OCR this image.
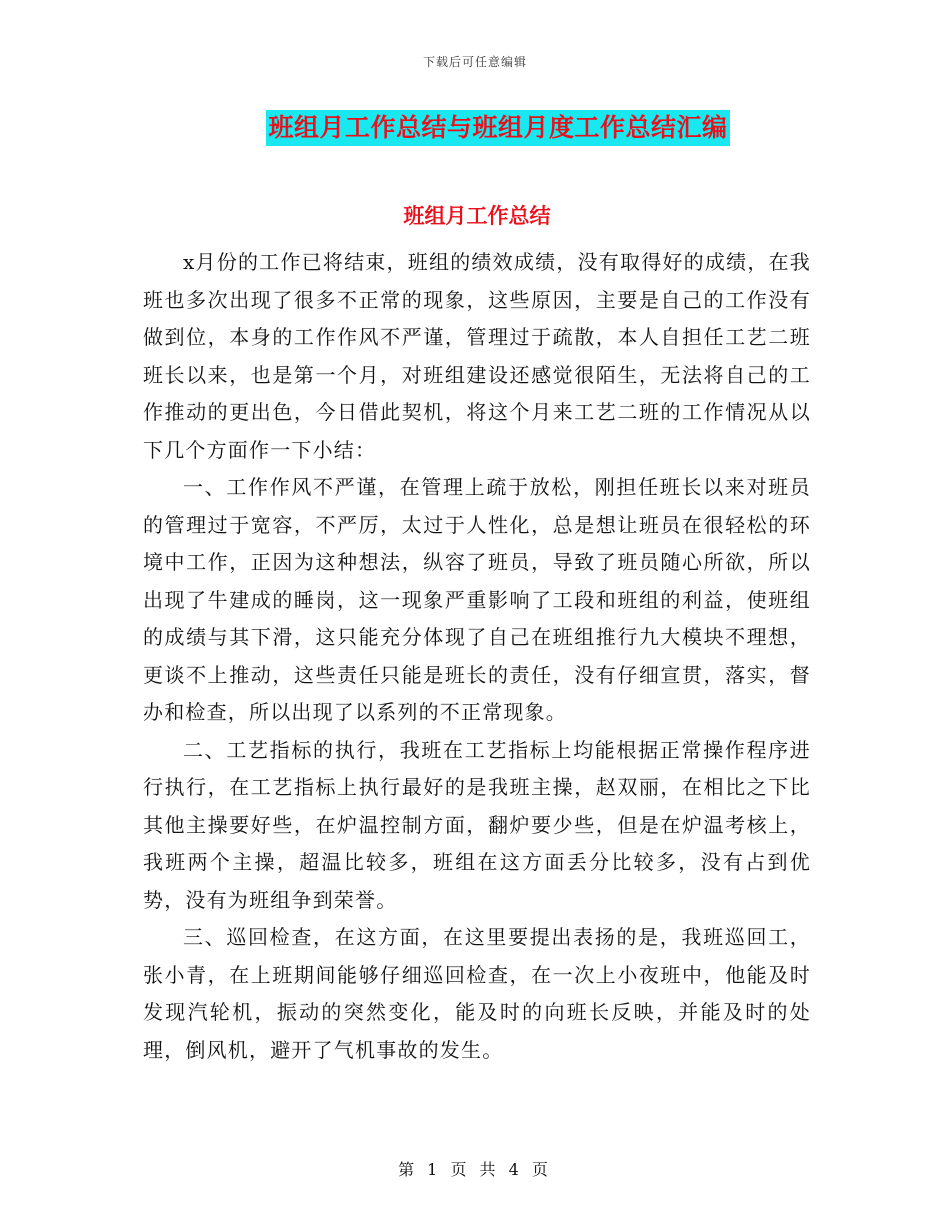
下载后可任意编辑
班组月工作总结与班组月度工作总结汇编
班组月工作总结

x月份的工作已将结束，班组的绩效成绩，没有取得好的成绩，在我班也多次出现了很多不正常的现象，这些原因，主要是自己的工作没有做到位，本身的工作作风不严谨，管理过于疏散，本人自担任工艺二班班长以来，也是第一个月，对班组建设还感觉很陌生，无法将自己的工作推动的更出色，今日借此契机，将这个月来工艺二班的工作情况从以下几个方面作一下小结：

一、工作作风不严谨，在管理上疏于放松，刚担任班长以来对班员的管理过于宽容，不严厉，太过于人性化，总是想让班员在很轻松的环境中工作，正因为这种想法，纵容了班员，导致了班员随心所欲，所以出现了牛建成的睡岗，这一现象严重影响了工段和班组的利益，使班组的成绩与其下滑，这只能充分体现了自己在班组推行九大模块不理想，更谈不上推动，这些责任只能是班长的责任，没有仔细宣贯，落实，督办和检查，所以出现了以系列的不正常现象。

二、工艺指标的执行，我班在工艺指标上均能根据正常操作程序进行执行，在工艺指标上执行最好的是我班主操，赵双丽，在相比之下比其他主操要好些，在炉温控制方面，翻炉要少些，但是在炉温考核上，我班两个主操，超温比较多，班组在这方面丢分比较多，没有占到优势，没有为班组争到荣誉。

三、巡回检查，在这方面，在这里要提出表扬的是，我班巡回工，张小青，在上班期间能够仔细巡回检查，在一次上小夜班中，他能及时发现汽轮机，振动的突然变化，能及时的向班长反映，并能及时的处理，倒风机，避开了气机事故的发生。

第 1 页 共 4 页
